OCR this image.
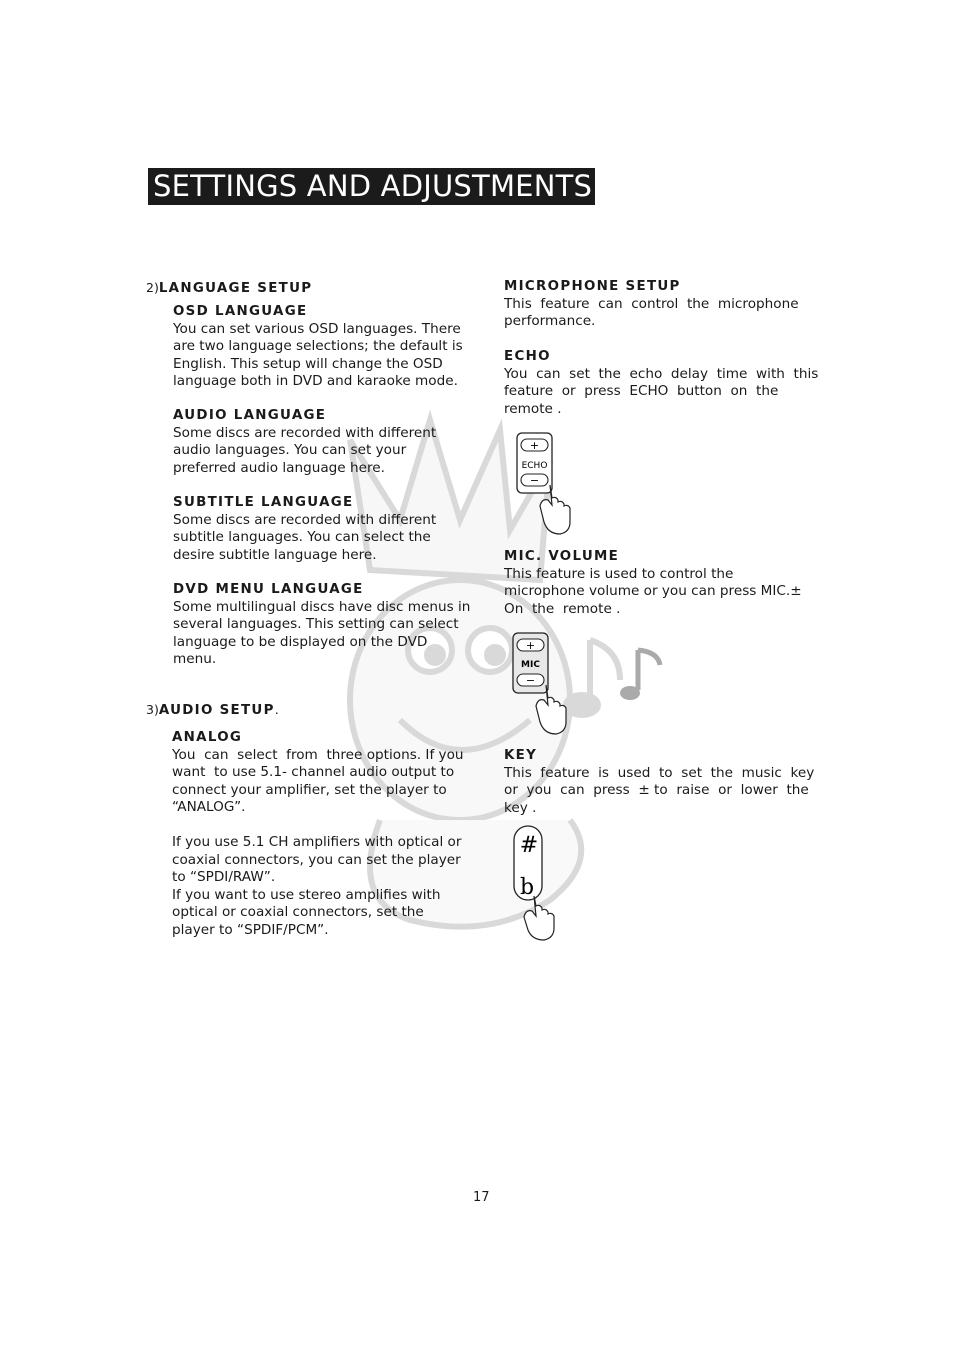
SETTINGS AND ADJUSTMENTS
2)LANGUAGE SETUP
OSD LANGUAGE
You can set various OSD languages. There
are two language selections; the default is
English. This setup will change the OSD
language both in DVD and karaoke mode.
AUDIO LANGUAGE
Some discs are recorded with different
audio languages. You can set your
preferred audio language here.
SUBTITLE LANGUAGE
Some discs are recorded with different
subtitle languages. You can select the
desire subtitle language here.
DVD MENU LANGUAGE
Some multilingual discs have disc menus in
several languages. This setting can select
language to be displayed on the DVD
menu.
3)AUDIO SETUP.
ANALOG
You  can  select  from  three options. If you
want  to use 5.1- channel audio output to
connect your amplifier, set the player to
“ANALOG”.
If you use 5.1 CH amplifiers with optical or
coaxial connectors, you can set the player
to “SPDI/RAW”.
If you want to use stereo amplifies with
optical or coaxial connectors, set the
player to “SPDIF/PCM”.
MICROPHONE SETUP
This  feature  can  control  the  microphone
performance.
ECHO
You  can  set  the  echo  delay  time  with  this
feature  or  press  ECHO  button  on  the
remote .
+
ECHO
−
MIC. VOLUME
This feature is used to control the
microphone volume or you can press MIC.±
On  the  remote .
+
MIC
−
KEY
This  feature  is  used  to  set  the  music  key
or  you  can  press  ± to  raise  or  lower  the
key .
#
b
17
